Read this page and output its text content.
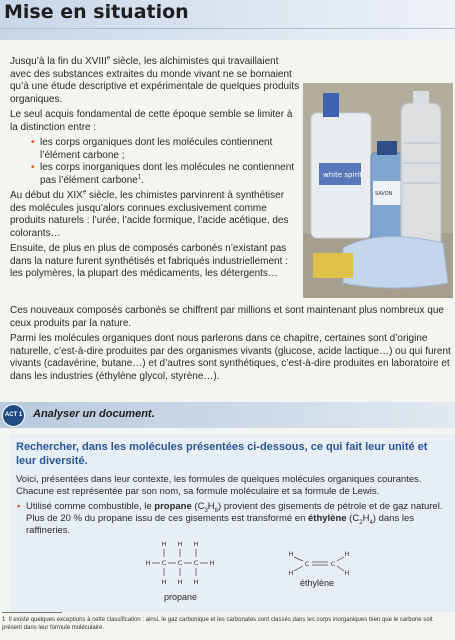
Mise en situation

Jusqu’à la fin du XVIIIe siècle, les alchimistes qui travaillaient avec des substances extraites du monde vivant ne se bornaient qu’à une étude descriptive et expérimentale de quelques produits organiques.

Le seul acquis fondamental de cette époque semble se limiter à la distinction entre :

• les corps organiques dont les molécules contiennent l’élément carbone ;
• les corps inorganiques dont les molécules ne contiennent pas l’élément carbone$^1$.

Au début du XIXe siècle, les chimistes parvinrent à synthétiser des molécules jusqu’alors connues exclusivement comme produits naturels : l’urée, l’acide formique, l’acide acétique, des colorants…

Ensuite, de plus en plus de composés carbonés n’existant pas dans la nature furent synthétisés et fabriqués industriellement : les polymères, la plupart des médicaments, les détergents…

white spirit
SAVON

Ces nouveaux composés carbonés se chiffrent par millions et sont maintenant plus nombreux que ceux produits par la nature.

Parmi les molécules organiques dont nous parlerons dans ce chapitre, certaines sont d’origine naturelle, c’est-à-dire produites par des organismes vivants (glucose, acide lactique…) ou qui furent vivants (cadavérine, butane…) et d’autres sont synthétiques, c’est-à-dire produites en laboratoire et dans les industries (éthylène glycol, styrène…).

ACT 1 Analyser un document.

Rechercher, dans les molécules présentées ci-dessous, ce qui fait leur unité et leur diversité.

Voici, présentées dans leur contexte, les formules de quelques molécules organiques courantes. Chacune est représentée par son nom, sa formule moléculaire et sa formule de Lewis.

• Utilisé comme combustible, le propane $(C_3H_8)$ provient des gisements de pétrole et de gaz naturel. Plus de 20 % du propane issu de ces gisements est transformé en éthylène $(C_2H_4)$ dans les raffineries.
H H H
H C C C H
H H H
propane
H
H
C	C
H
H
éthylène

1 Il existe quelques exceptions à cette classification : ainsi, le gaz carbonique et les carbonates sont classés dans les corps inorganiques bien que le carbone soit présent dans leur formule moléculaire.
